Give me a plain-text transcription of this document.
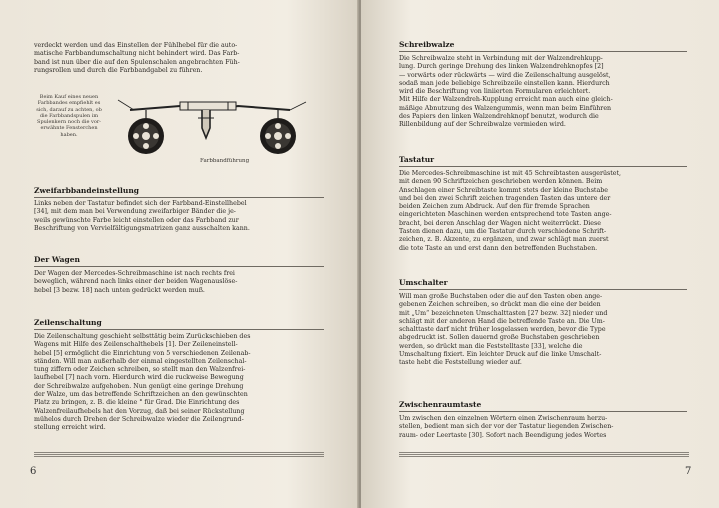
verdeckt werden und das Einstellen der Fühlhebel für die auto-

matische Farbbandumschaltung nicht behindert wird. Das Farb-

band ist nun über die auf den Spulenschalen angebrachten Füh-

rungsrollen und durch die Farbbandgabel zu führen.

Beim Kauf eines neuen
Farbbandes empfiehlt es
sich, darauf zu achten, ob
die Farbbandspulen im
Spulenkern noch die vor-
erwähnte Fensterchen
haben.
Farbbandführung
Zweifarbbandeinstellung

Links neben der Tastatur befindet sich der Farbband-Einstellhebel

[34], mit dem man bei Verwendung zweifarbiger Bänder die je-

weils gewünschte Farbe leicht einstellen oder das Farbband zur

Beschriftung von Vervielfältigungsmatrizen ganz ausschalten kann.

Der Wagen

Der Wagen der Mercedes-Schreibmaschine ist nach rechts frei

beweglich, während nach links einer der beiden Wagenauslöse-

hebel [3 bezw. 18] nach unten gedrückt werden muß.

Zeilenschaltung

Die Zeilenschaltung geschieht selbsttätig beim Zurückschieben des

Wagens mit Hilfe des Zeilenschalthebels [1]. Der Zeileneinstell-

hebel [5] ermöglicht die Einrichtung von 5 verschiedenen Zeilenab-

ständen. Will man außerhalb der einmal eingestellten Zeilenschal-

tung ziffern oder Zeichen schreiben, so stellt man den Walzenfrei-

laufhebel [7] nach vorn. Hierdurch wird die ruckweise Bewegung

der Schreibwalze aufgehoben. Nun genügt eine geringe Drehung

der Walze, um das betreffende Schriftzeichen an den gewünschten

Platz zu bringen, z. B. die kleine ° für Grad. Die Einrichtung des

Walzenfreilaufhebels hat den Vorzug, daß bei seiner Rückstellung

mühelos durch Drehen der Schreibwalze wieder die Zeilengrund-

stellung erreicht wird.

6
Schreibwalze

Die Schreibwalze steht in Verbindung mit der Walzendrehkupp-

lung. Durch geringe Drehung des linken Walzendrehknopfes [2]

— vorwärts oder rückwärts — wird die Zeilenschaltung ausgelöst,

sodaß man jede beliebige Schreibzeile einstellen kann. Hierdurch

wird die Beschriftung von liniierten Formularen erleichtert.

Mit Hilfe der Walzendreh-Kupplung erreicht man auch eine gleich-

mäßige Abnutzung des Walzengummis, wenn man beim Einführen

des Papiers den linken Walzendrehknopf benutzt, wodurch die

Rillenbildung auf der Schreibwalze vermieden wird.

Tastatur

Die Mercedes-Schreibmaschine ist mit 45 Schreibtasten ausgerüstet,

mit denen 90 Schriftzeichen geschrieben werden können. Beim

Anschlagen einer Schreibtaste kommt stets der kleine Buchstabe

und bei den zwei Schrift zeichen tragenden Tasten das untere der

beiden Zeichen zum Abdruck. Auf den für fremde Sprachen

eingerichteten Maschinen werden entsprechend tote Tasten ange-

bracht, bei deren Anschlag der Wagen nicht weiterrückt. Diese

Tasten dienen dazu, um die Tastatur durch verschiedene Schrift-

zeichen, z. B. Akzente, zu ergänzen, und zwar schlägt man zuerst

die tote Taste an und erst dann den betreffenden Buchstaben.

Umschalter

Will man große Buchstaben oder die auf den Tasten oben ange-

gebenen Zeichen schreiben, so drückt man die eine der beiden

mit „Um“ bezeichneten Umschalttasten [27 bezw. 32] nieder und

schlägt mit der anderen Hand die betreffende Taste an. Die Um-

schalttaste darf nicht früher losgelassen werden, bevor die Type

abgedruckt ist. Sollen dauernd große Buchstaben geschrieben

werden, so drückt man die Feststelltaste [33], welche die

Umschaltung fixiert. Ein leichter Druck auf die linke Umschalt-

taste hebt die Feststellung wieder auf.

Zwischenraumtaste

Um zwischen den einzelnen Wörtern einen Zwischenraum herzu-

stellen, bedient man sich der vor der Tastatur liegenden Zwischen-

raum- oder Leertaste [30]. Sofort nach Beendigung jedes Wortes

7
